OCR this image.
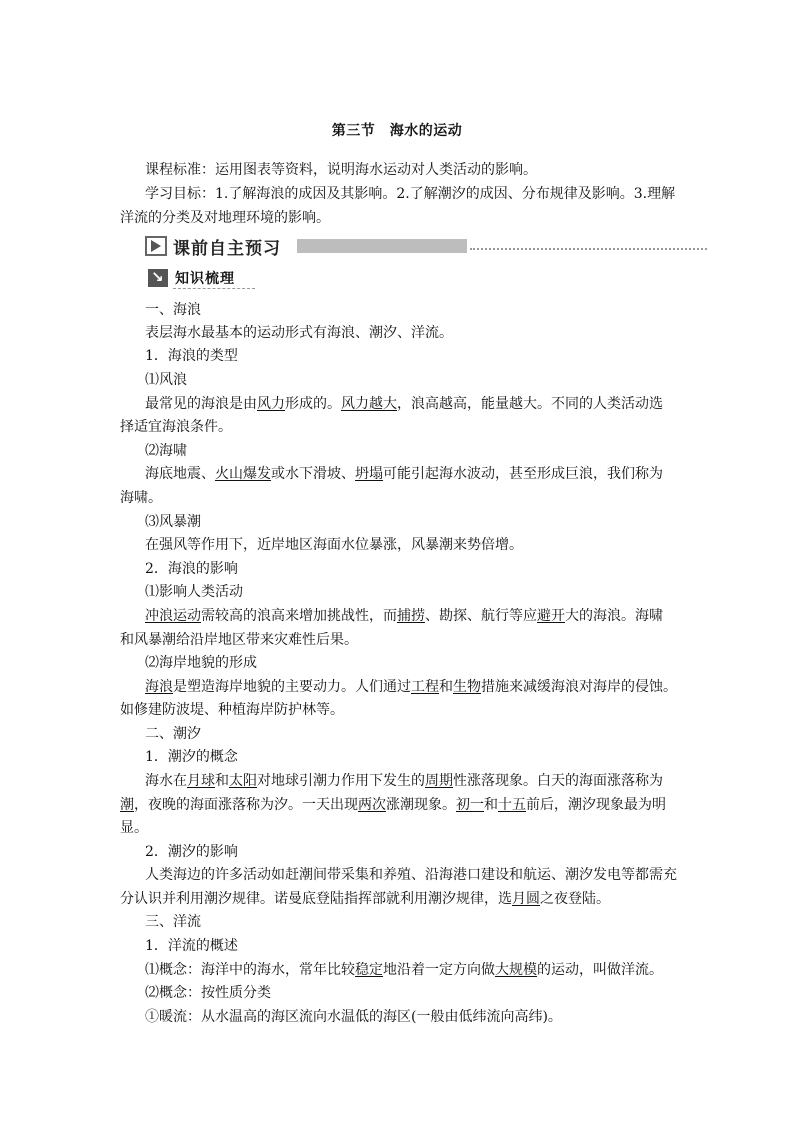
第三节　海水的运动
课程标准：运用图表等资料，说明海水运动对人类活动的影响。
学习目标：1.了解海浪的成因及其影响。2.了解潮汐的成因、分布规律及影响。3.理解
洋流的分类及对地理环境的影响。
课前自主预习
↘
知识梳理
一、海浪
表层海水最基本的运动形式有海浪、潮汐、洋流。
1．海浪的类型
⑴风浪
最常见的海浪是由风力形成的。风力越大，浪高越高，能量越大。不同的人类活动选
择适宜海浪条件。
⑵海啸
海底地震、火山爆发或水下滑坡、坍塌可能引起海水波动，甚至形成巨浪，我们称为
海啸。
⑶风暴潮
在强风等作用下，近岸地区海面水位暴涨，风暴潮来势倍增。
2．海浪的影响
⑴影响人类活动
冲浪运动需较高的浪高来增加挑战性，而捕捞、勘探、航行等应避开大的海浪。海啸
和风暴潮给沿岸地区带来灾难性后果。
⑵海岸地貌的形成
海浪是塑造海岸地貌的主要动力。人们通过工程和生物措施来减缓海浪对海岸的侵蚀。
如修建防波堤、种植海岸防护林等。
二、潮汐
1．潮汐的概念
海水在月球和太阳对地球引潮力作用下发生的周期性涨落现象。白天的海面涨落称为
潮，夜晚的海面涨落称为汐。一天出现两次涨潮现象。初一和十五前后，潮汐现象最为明
显。
2．潮汐的影响
人类海边的许多活动如赶潮间带采集和养殖、沿海港口建设和航运、潮汐发电等都需充
分认识并利用潮汐规律。诺曼底登陆指挥部就利用潮汐规律，选月圆之夜登陆。
三、洋流
1．洋流的概述
⑴概念：海洋中的海水，常年比较稳定地沿着一定方向做大规模的运动，叫做洋流。
⑵概念：按性质分类
①暖流：从水温高的海区流向水温低的海区(一般由低纬流向高纬)。
